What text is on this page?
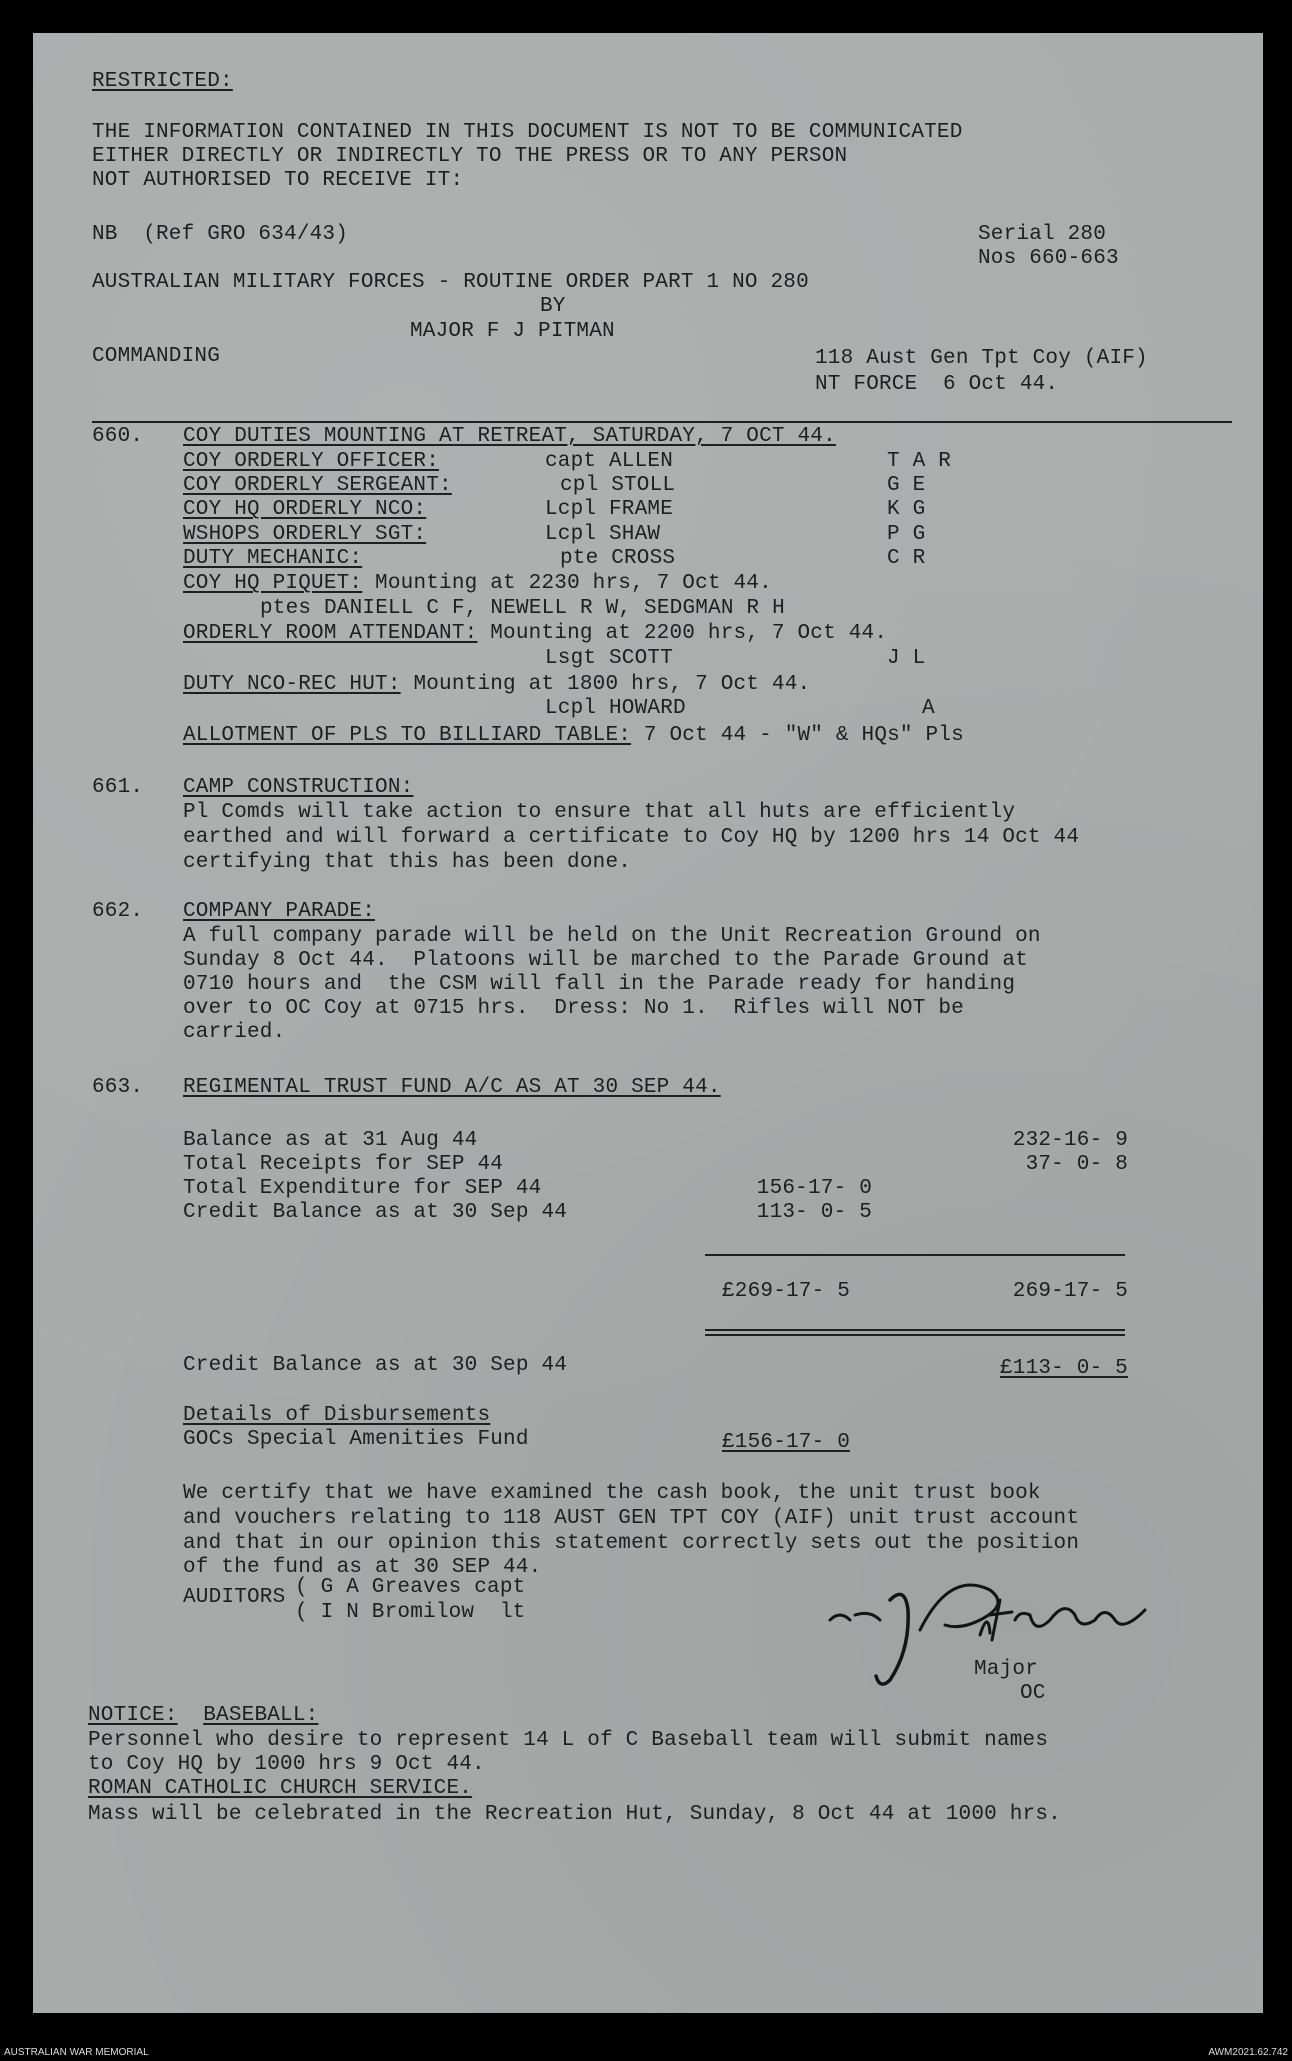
RESTRICTED:
THE INFORMATION CONTAINED IN THIS DOCUMENT IS NOT TO BE COMMUNICATED
EITHER DIRECTLY OR INDIRECTLY TO THE PRESS OR TO ANY PERSON
NOT AUTHORISED TO RECEIVE IT:
NB  (Ref GRO 634/43)	Serial 280
Nos 660-663
AUSTRALIAN MILITARY FORCES - ROUTINE ORDER PART 1 NO 280
BY
MAJOR F J PITMAN
COMMANDING	118 Aust Gen Tpt Coy (AIF)
NT FORCE  6 Oct 44.
660. COY DUTIES MOUNTING AT RETREAT, SATURDAY, 7 OCT 44.
COY ORDERLY OFFICER:	capt ALLEN	T A R
COY ORDERLY SERGEANT:	cpl STOLL	G E
COY HQ ORDERLY NCO:	Lcpl FRAME	K G
WSHOPS ORDERLY SGT:	Lcpl SHAW	P G
DUTY MECHANIC:	pte CROSS	C R
COY HQ PIQUET: Mounting at 2230 hrs, 7 Oct 44.
ptes DANIELL C F, NEWELL R W, SEDGMAN R H
ORDERLY ROOM ATTENDANT: Mounting at 2200 hrs, 7 Oct 44.
Lsgt SCOTT	J L
DUTY NCO-REC HUT: Mounting at 1800 hrs, 7 Oct 44.
Lcpl HOWARD	A
ALLOTMENT OF PLS TO BILLIARD TABLE: 7 Oct 44 - "W" & HQs" Pls
661. CAMP CONSTRUCTION:
Pl Comds will take action to ensure that all huts are efficiently
earthed and will forward a certificate to Coy HQ by 1200 hrs 14 Oct 44
certifying that this has been done.
662. COMPANY PARADE:
A full company parade will be held on the Unit Recreation Ground on
Sunday 8 Oct 44.  Platoons will be marched to the Parade Ground at
0710 hours and  the CSM will fall in the Parade ready for handing
over to OC Coy at 0715 hrs.  Dress: No 1.  Rifles will NOT be
carried.
663. REGIMENTAL TRUST FUND A/C AS AT 30 SEP 44.
Balance as at 31 Aug 44	232-16- 9
Total Receipts for SEP 44	37- 0- 8
Total Expenditure for SEP 44	156-17- 0
Credit Balance as at 30 Sep 44	113- 0- 5
£269-17- 5	269-17- 5
Credit Balance as at 30 Sep 44	£113- 0- 5
Details of Disbursements
GOCs Special Amenities Fund	£156-17- 0
We certify that we have examined the cash book, the unit trust book
and vouchers relating to 118 AUST GEN TPT COY (AIF) unit trust account
and that in our opinion this statement correctly sets out the position
of the fund as at 30 SEP 44.
AUDITORS ( G A Greaves capt
( I N Bromilow  lt
Major
OC
NOTICE: BASEBALL:
Personnel who desire to represent 14 L of C Baseball team will submit names
to Coy HQ by 1000 hrs 9 Oct 44.
ROMAN CATHOLIC CHURCH SERVICE.
Mass will be celebrated in the Recreation Hut, Sunday, 8 Oct 44 at 1000 hrs.
AUSTRALIAN WAR MEMORIAL	AWM2021.62.742
